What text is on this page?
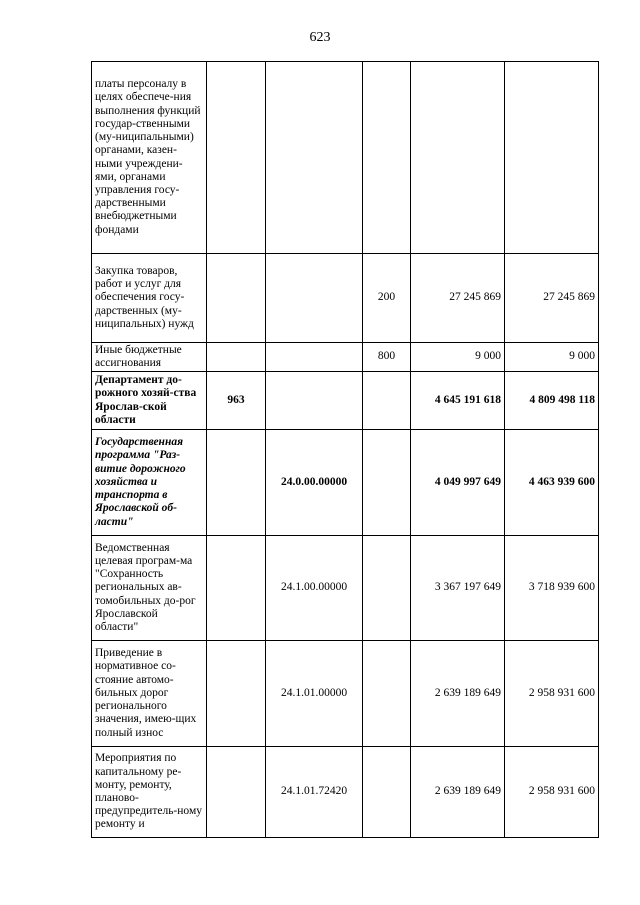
623
платы персоналу в целях обеспече-ния выполнения функций государ-ственными (му-ниципальными) органами, казен-ными учреждени-ями, органами управления госу-дарственными внебюджетными фондами					
Закупка товаров, работ и услуг для обеспечения госу-дарственных (му-ниципальных) нужд			200	27 245 869	27 245 869
Иные бюджетные ассигнования			800	9 000	9 000
Департамент до-рожного хозяй-ства Ярослав-ской области	963			4 645 191 618	4 809 498 118
Государственная программа "Раз-витие дорожного хозяйства и транспорта в Ярославской об-ласти"		24.0.00.00000		4 049 997 649	4 463 939 600
Ведомственная целевая програм-ма "Сохранность региональных ав-томобильных до-рог Ярославской области"		24.1.00.00000		3 367 197 649	3 718 939 600
Приведение в нормативное со-стояние автомо-бильных дорог регионального значения, имею-щих полный износ		24.1.01.00000		2 639 189 649	2 958 931 600
Мероприятия по капитальному ре-монту, ремонту, планово-предупредитель-ному ремонту и		24.1.01.72420		2 639 189 649	2 958 931 600
